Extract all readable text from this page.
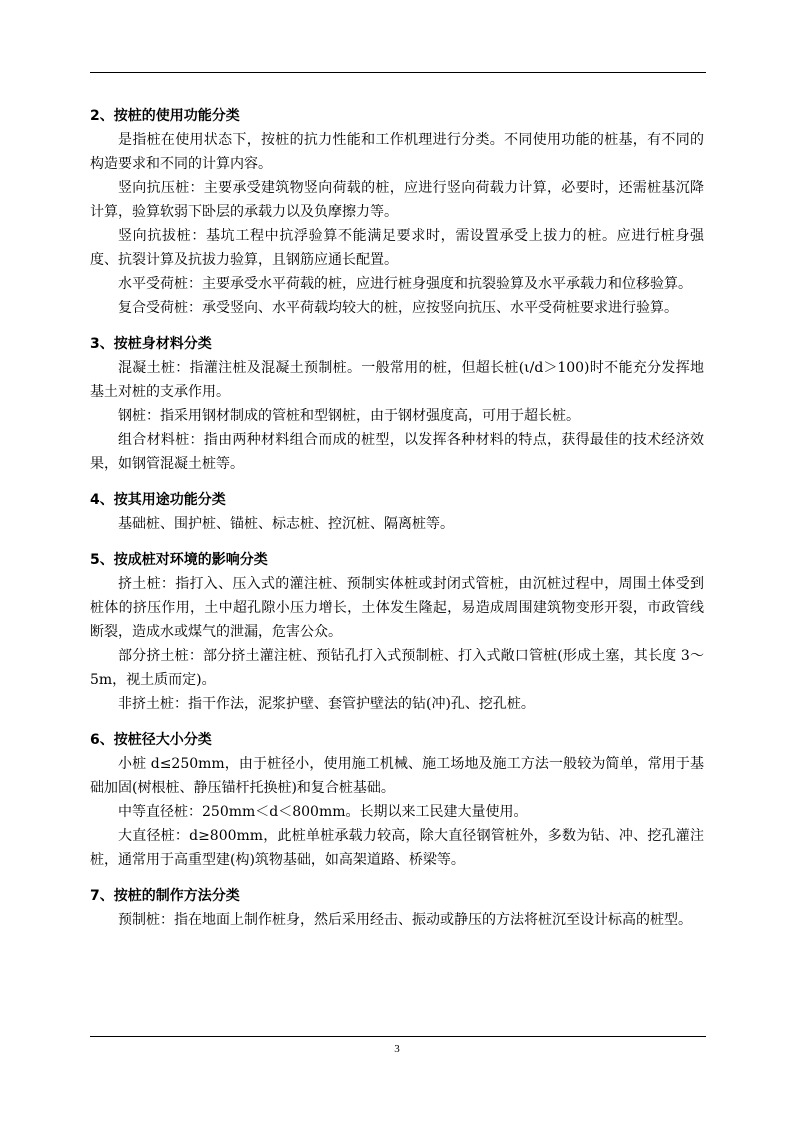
2、按桩的使用功能分类

是指桩在使用状态下，按桩的抗力性能和工作机理进行分类。不同使用功能的桩基，有不同的构造要求和不同的计算内容。

竖向抗压桩：主要承受建筑物竖向荷载的桩，应进行竖向荷载力计算，必要时，还需桩基沉降计算，验算软弱下卧层的承载力以及负摩擦力等。

竖向抗拔桩：基坑工程中抗浮验算不能满足要求时，需设置承受上拔力的桩。应进行桩身强度、抗裂计算及抗拔力验算，且钢筋应通长配置。

水平受荷桩：主要承受水平荷载的桩，应进行桩身强度和抗裂验算及水平承载力和位移验算。

复合受荷桩：承受竖向、水平荷载均较大的桩，应按竖向抗压、水平受荷桩要求进行验算。

3、按桩身材料分类

混凝土桩：指灌注桩及混凝土预制桩。一般常用的桩，但超长桩(ι/d＞100)时不能充分发挥地基土对桩的支承作用。

钢桩：指采用钢材制成的管桩和型钢桩，由于钢材强度高，可用于超长桩。

组合材料桩：指由两种材料组合而成的桩型，以发挥各种材料的特点，获得最佳的技术经济效果，如钢管混凝土桩等。

4、按其用途功能分类

基础桩、围护桩、锚桩、标志桩、控沉桩、隔离桩等。

5、按成桩对环境的影响分类

挤土桩：指打入、压入式的灌注桩、预制实体桩或封闭式管桩，由沉桩过程中，周围土体受到桩体的挤压作用，土中超孔隙小压力增长，土体发生隆起，易造成周围建筑物变形开裂，市政管线断裂，造成水或煤气的泄漏，危害公众。

部分挤土桩：部分挤土灌注桩、预钻孔打入式预制桩、打入式敞口管桩(形成土塞，其长度 3～5m，视土质而定)。

非挤土桩：指干作法，泥浆护壁、套管护壁法的钻(冲)孔、挖孔桩。

6、按桩径大小分类

小桩 d≤250mm，由于桩径小，使用施工机械、施工场地及施工方法一般较为简单，常用于基础加固(树根桩、静压锚杆托换桩)和复合桩基础。

中等直径桩：250mm＜d＜800mm。长期以来工民建大量使用。

大直径桩：d≥800mm，此桩单桩承载力较高，除大直径钢管桩外，多数为钻、冲、挖孔灌注桩，通常用于高重型建(构)筑物基础，如高架道路、桥梁等。

7、按桩的制作方法分类

预制桩：指在地面上制作桩身，然后采用经击、振动或静压的方法将桩沉至设计标高的桩型。

3
